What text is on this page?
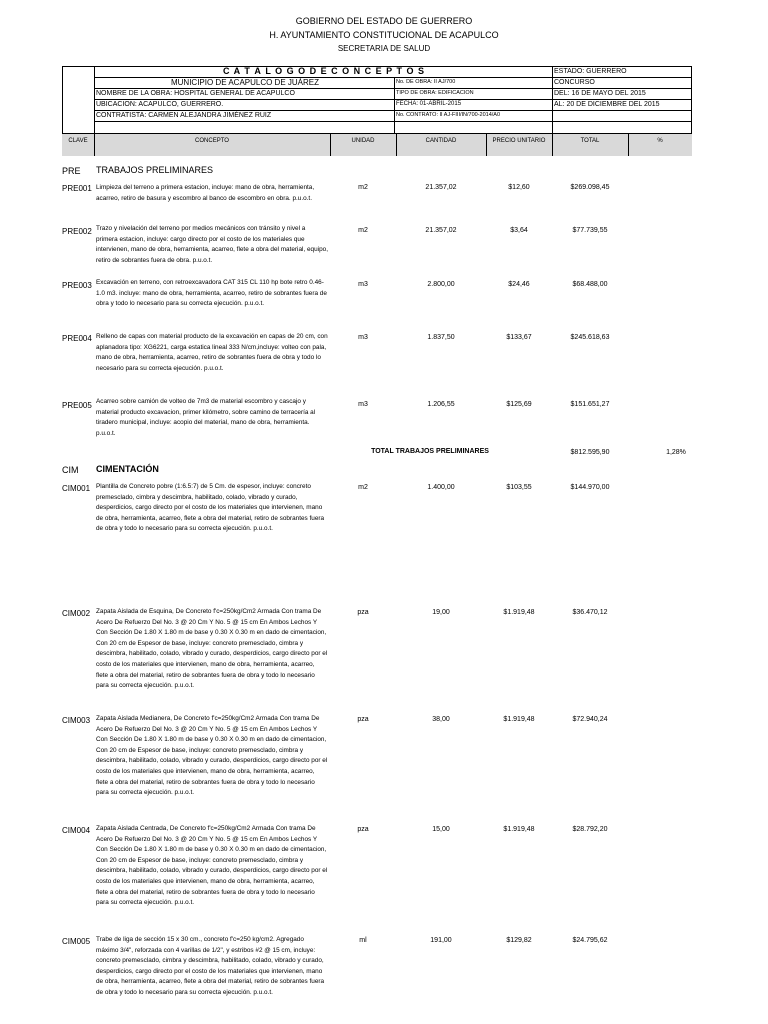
GOBIERNO DEL ESTADO DE GUERRERO
H. AYUNTAMIENTO CONSTITUCIONAL DE ACAPULCO
SECRETARIA DE SALUD
C A T Á L O G O D E C O N C E P T O S	ESTADO: GUERRERO
MUNICIPIO DE ACAPULCO DE JUÁREZ	No. DE OBRA: II AJ/700	CONCURSO
NOMBRE DE LA OBRA: HOSPITAL GENERAL DE ACAPULCO	TIPO DE OBRA: EDIFICACION	DEL: 16 DE MAYO DEL 2015
UBICACION: ACAPULCO, GUERRERO.	FECHA: 01-ABRIL-2015	AL: 20 DE DICIEMBRE DEL 2015
CONTRATISTA: CARMEN ALEJANDRA JIMÉNEZ RUIZ	No. CONTRATO: II AJ-FIII/IN/700-2014/A0
CLAVE	CONCEPTO	UNIDAD	CANTIDAD	PRECIO UNITARIO	TOTAL	%
PRE TRABAJOS PRELIMINARES
PRE001 Limpieza del terreno a primera estacion, incluye: mano de obra, herramienta, acarreo, retiro de basura y escombro al banco de escombro en obra. p.u.o.t.
m2	21.357,02	$12,60	$269.098,45
PRE002 Trazo y nivelación del terreno por medios mecánicos con tránsito y nivel a primera estacion, incluye: cargo directo por el costo de los materiales que intervienen, mano de obra, herramienta, acarreo, flete a obra del material, equipo, retiro de sobrantes fuera de obra. p.u.o.t.
m2	21.357,02	$3,64	$77.739,55
PRE003 Excavación en terreno, con retroexcavadora CAT 315 CL 110 hp bote retro 0.46-1.0 m3. incluye: mano de obra, herramienta, acarreo, retiro de sobrantes fuera de obra y todo lo necesario para su correcta ejecución. p.u.o.t.
m3	2.800,00	$24,46	$68.488,00
PRE004 Relleno de capas con material producto de la excavación en capas de 20 cm, con aplanadora tipo: XG6221, carga estatica lineal 333 N/cm,incluye: volteo con pala, mano de obra, herramienta, acarreo, retiro de sobrantes fuera de obra y todo lo necesario para su correcta ejecución. p.u.o.t.
m3	1.837,50	$133,67	$245.618,63
PRE005 Acarreo sobre camión de volteo de 7m3 de material escombro y cascajo y material producto excavacion, primer kilómetro, sobre camino de terracería al tiradero municipal, incluye: acopio del material, mano de obra, herramienta. p.u.o.t.
m3	1.206,55	$125,69	$151.651,27
TOTAL TRABAJOS PRELIMINARES	$812.595,90	1,28%
CIM CIMENTACIÓN
CIM001 Plantilla de Concreto pobre (1:6.5:7) de 5 Cm. de espesor, incluye: concreto premesclado, cimbra y descimbra, habilitado, colado, vibrado y curado, desperdicios, cargo directo por el costo de los materiales que intervienen, mano de obra, herramienta, acarreo, flete a obra del material, retiro de sobrantes fuera de obra y todo lo necesario para su correcta ejecución. p.u.o.t.
m2	1.400,00	$103,55	$144.970,00
CIM002 Zapata Aislada de Esquina, De Concreto f'c=250kg/Cm2 Armada Con trama De Acero De Refuerzo Del No. 3 @ 20 Cm Y No. 5 @ 15 cm En Ambos Lechos Y Con Sección De 1.80 X 1.80 m de base y 0.30 X 0.30 m en dado de cimentacion, Con 20 cm de Espesor de base, incluye: concreto premesclado, cimbra y descimbra, habilitado, colado, vibrado y curado, desperdicios, cargo directo por el costo de los materiales que intervienen, mano de obra, herramienta, acarreo, flete a obra del material, retiro de sobrantes fuera de obra y todo lo necesario para su correcta ejecución. p.u.o.t.
pza	19,00	$1.919,48	$36.470,12
CIM003 Zapata Aislada Medianera, De Concreto f'c=250kg/Cm2 Armada Con trama De Acero De Refuerzo Del No. 3 @ 20 Cm Y No. 5 @ 15 cm En Ambos Lechos Y Con Sección De 1.80 X 1.80 m de base y 0.30 X 0.30 m en dado de cimentacion, Con 20 cm de Espesor de base, incluye: concreto premesclado, cimbra y descimbra, habilitado, colado, vibrado y curado, desperdicios, cargo directo por el costo de los materiales que intervienen, mano de obra, herramienta, acarreo, flete a obra del material, retiro de sobrantes fuera de obra y todo lo necesario para su correcta ejecución. p.u.o.t.
pza	38,00	$1.919,48	$72.940,24
CIM004 Zapata Aislada Centrada, De Concreto f'c=250kg/Cm2 Armada Con trama De Acero De Refuerzo Del No. 3 @ 20 Cm Y No. 5 @ 15 cm En Ambos Lechos Y Con Sección De 1.80 X 1.80 m de base y 0.30 X 0.30 m en dado de cimentacion, Con 20 cm de Espesor de base, incluye: concreto premesclado, cimbra y descimbra, habilitado, colado, vibrado y curado, desperdicios, cargo directo por el costo de los materiales que intervienen, mano de obra, herramienta, acarreo, flete a obra del material, retiro de sobrantes fuera de obra y todo lo necesario para su correcta ejecución. p.u.o.t.
pza	15,00	$1.919,48	$28.792,20
CIM005 Trabe de liga de sección 15 x 30 cm., concreto f'c=250 kg/cm2. Agregado máximo 3/4", reforzada con 4 varillas de 1/2", y estribos #2 @ 15 cm, incluye: concreto premesclado, cimbra y descimbra, habilitado, colado, vibrado y curado, desperdicios, cargo directo por el costo de los materiales que intervienen, mano de obra, herramienta, acarreo, flete a obra del material, retiro de sobrantes fuera de obra y todo lo necesario para su correcta ejecución. p.u.o.t.
ml	191,00	$129,82	$24.795,62
